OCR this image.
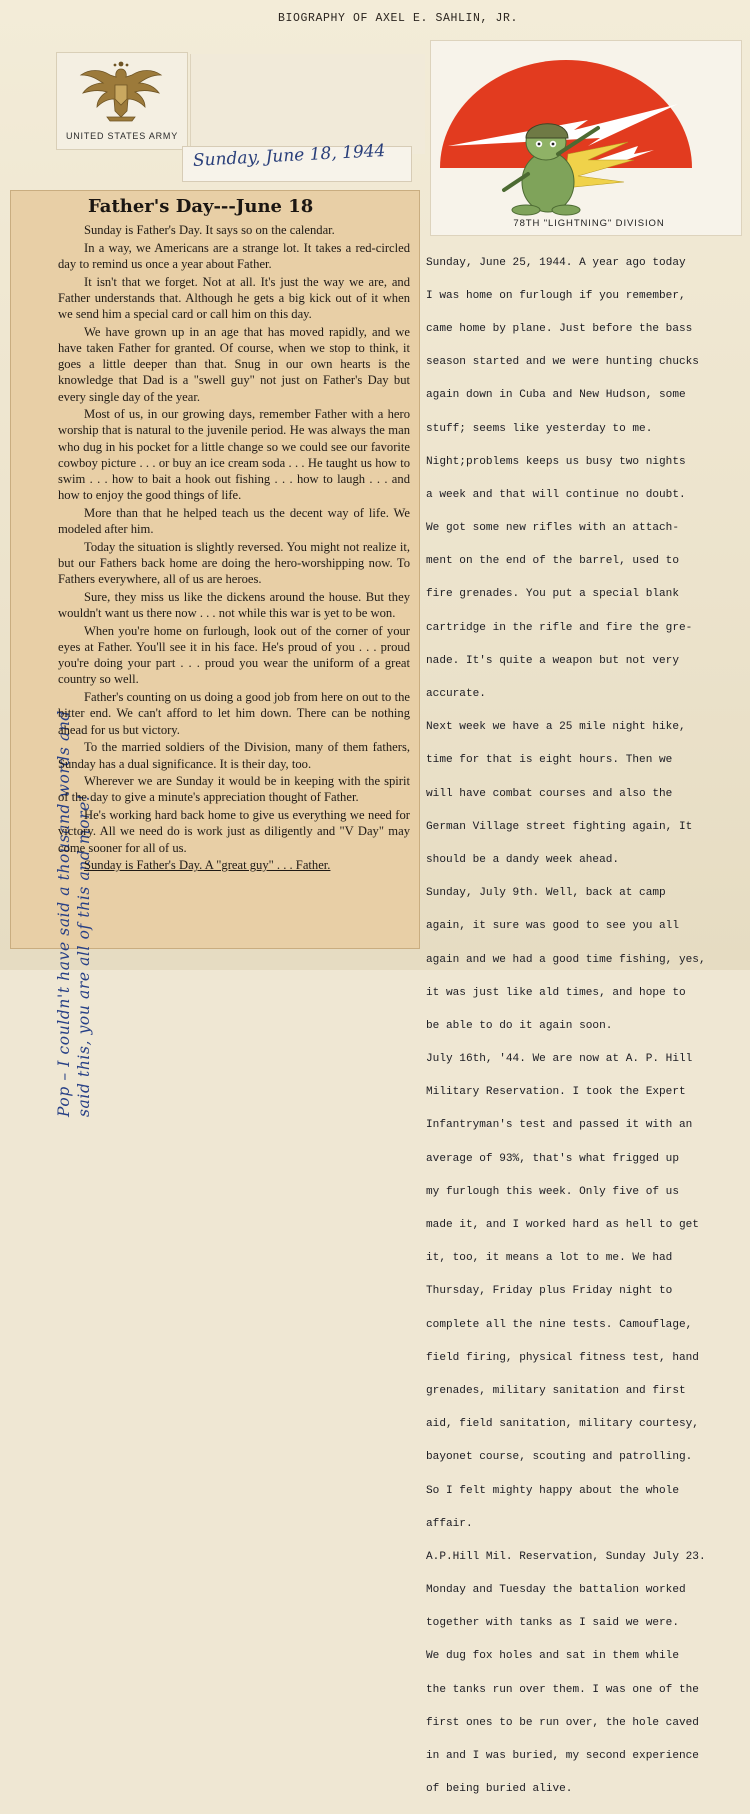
BIOGRAPHY OF AXEL E. SAHLIN, JR.
UNITED STATES ARMY
Sunday, June 18, 1944
Pop – I couldn't have said a thousand words and said this, you are all of this and more!
Father's Day---June 18

Sunday is Father's Day. It says so on the calendar.

In a way, we Americans are a strange lot. It takes a red-circled day to remind us once a year about Father.

It isn't that we forget. Not at all. It's just the way we are, and Father understands that. Although he gets a big kick out of it when we send him a special card or call him on this day.

We have grown up in an age that has moved rapidly, and we have taken Father for granted. Of course, when we stop to think, it goes a little deeper than that. Snug in our own hearts is the knowledge that Dad is a "swell guy" not just on Father's Day but every single day of the year.

Most of us, in our growing days, remember Father with a hero worship that is natural to the juvenile period. He was always the man who dug in his pocket for a little change so we could see our favorite cowboy picture . . . or buy an ice cream soda . . . He taught us how to swim . . . how to bait a hook out fishing . . . how to laugh . . . and how to enjoy the good things of life.

More than that he helped teach us the decent way of life. We modeled after him.

Today the situation is slightly reversed. You might not realize it, but our Fathers back home are doing the hero-worshipping now. To Fathers everywhere, all of us are heroes.

Sure, they miss us like the dickens around the house. But they wouldn't want us there now . . . not while this war is yet to be won.

When you're home on furlough, look out of the corner of your eyes at Father. You'll see it in his face. He's proud of you . . . proud you're doing your part . . . proud you wear the uniform of a great country so well.

Father's counting on us doing a good job from here on out to the bitter end. We can't afford to let him down. There can be nothing ahead for us but victory.

To the married soldiers of the Division, many of them fathers, Sunday has a dual significance. It is their day, too.

Wherever we are Sunday it would be in keeping with the spirit of the day to give a minute's appreciation thought of Father.

He's working hard back home to give us everything we need for victory. All we need do is work just as diligently and "V Day" may come sooner for all of us.

Sunday is Father's Day. A "great guy" . . . Father.

78TH "LIGHTNING" DIVISION

Sunday, June 25, 1944. A year ago today

I was home on furlough if you remember,

came home by plane. Just before the bass

season started and we were hunting chucks

again down in Cuba and New Hudson, some

stuff; seems like yesterday to me.

Night;problems keeps us busy two nights

a week and that will continue no doubt.

We got some new rifles with an attach-

ment on the end of the barrel, used to

fire grenades. You put a special blank

cartridge in the rifle and fire the gre-

nade. It's quite a weapon but not very

accurate.

Next week we have a 25 mile night hike,

time for that is eight hours. Then we

will have combat courses and also the

German Village street fighting again, It

should be a dandy week ahead.

Sunday, July 9th. Well, back at camp

again, it sure was good to see you all

again and we had a good time fishing, yes,

it was just like ald times, and hope to

be able to do it again soon.

July 16th, '44. We are now at A. P. Hill

Military Reservation. I took the Expert

Infantryman's test and passed it with an

average of 93%, that's what frigged up

my furlough this week. Only five of us

made it, and I worked hard as hell to get

it, too, it means a lot to me. We had

Thursday, Friday plus Friday night to

complete all the nine tests. Camouflage,

field firing, physical fitness test, hand

grenades, military sanitation and first

aid, field sanitation, military courtesy,

bayonet course, scouting and patrolling.

So I felt mighty happy about the whole

affair.

A.P.Hill Mil. Reservation, Sunday July 23.

Monday and Tuesday the battalion worked

together with tanks as I said we were.

We dug fox holes and sat in them while

the tanks run over them. I was one of the

first ones to be run over, the hole caved

in and I was buried, my second experience

of being buried alive.
